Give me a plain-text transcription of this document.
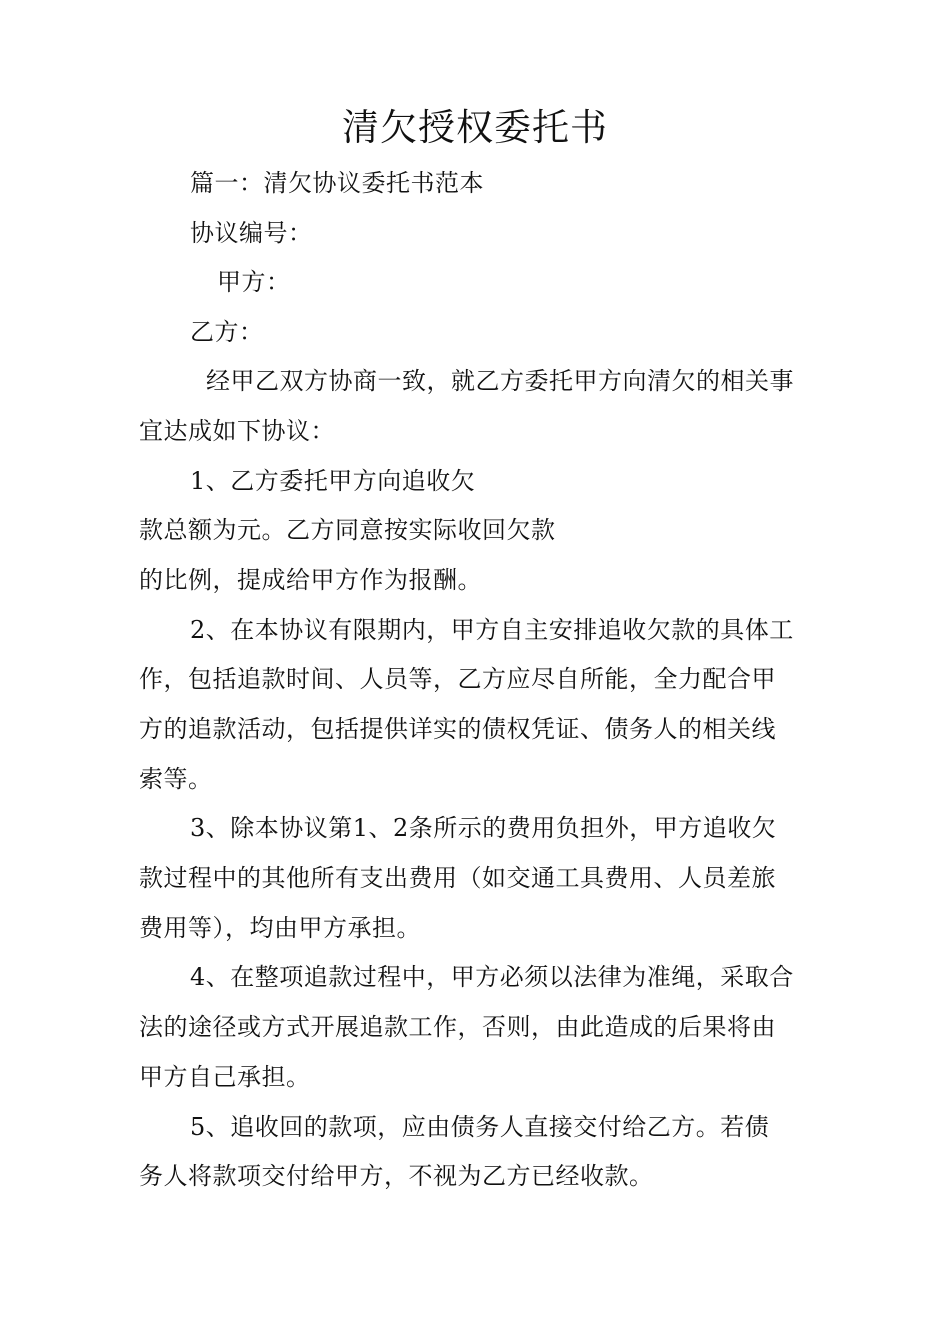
清欠授权委托书
篇一：清欠协议委托书范本
协议编号：
甲方：
乙方：
经甲乙双方协商一致，就乙方委托甲方向清欠的相关事
宜达成如下协议：
1、乙方委托甲方向追收欠
款总额为元。乙方同意按实际收回欠款
的比例，提成给甲方作为报酬。
2、在本协议有限期内，甲方自主安排追收欠款的具体工
作，包括追款时间、人员等，乙方应尽自所能，全力配合甲
方的追款活动，包括提供详实的债权凭证、债务人的相关线
索等。
3、除本协议第1、2条所示的费用负担外，甲方追收欠
款过程中的其他所有支出费用（如交通工具费用、人员差旅
费用等），均由甲方承担。
4、在整项追款过程中，甲方必须以法律为准绳，采取合
法的途径或方式开展追款工作，否则，由此造成的后果将由
甲方自己承担。
5、追收回的款项，应由债务人直接交付给乙方。若债
务人将款项交付给甲方，不视为乙方已经收款。
